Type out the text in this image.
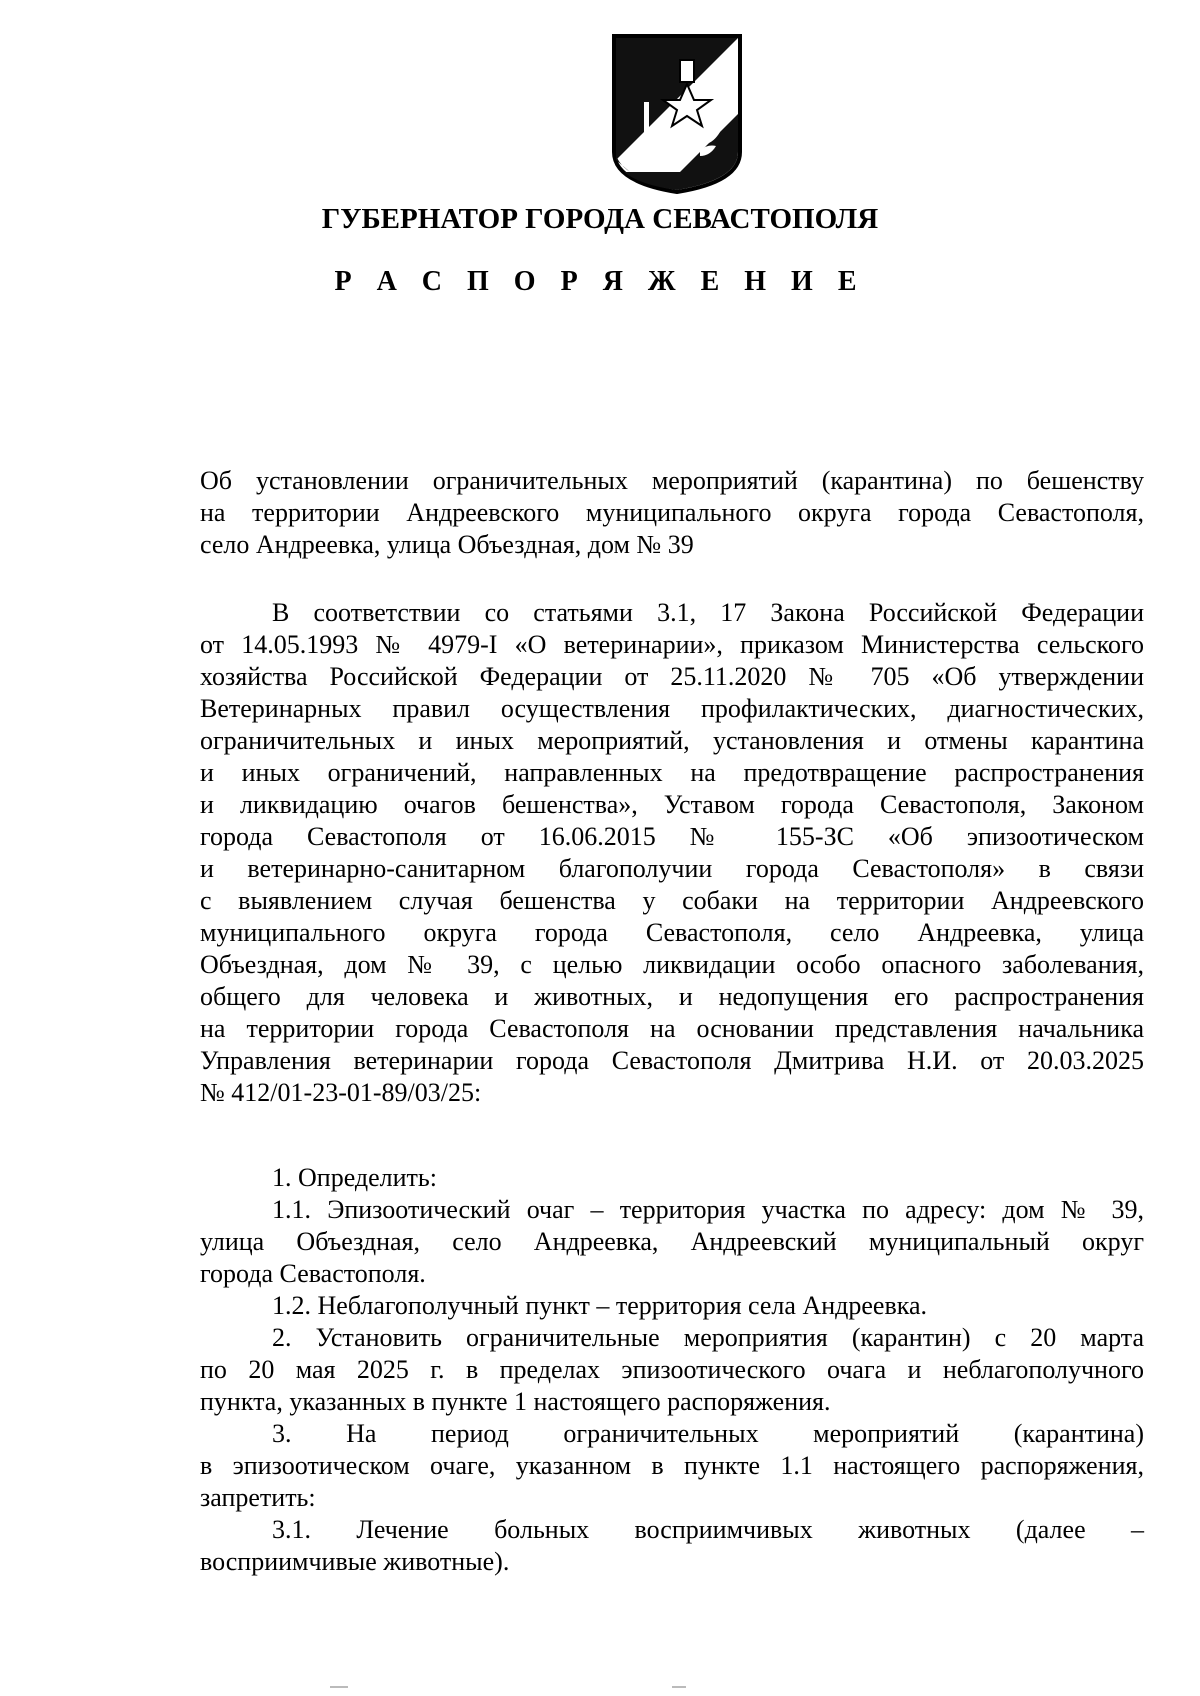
ГУБЕРНАТОР ГОРОДА СЕВАСТОПОЛЯ
Р А С П О Р Я Ж Е Н И Е
Об установлении ограничительных мероприятий (карантина) по бешенству
на территории Андреевского муниципального округа города Севастополя,
село Андреевка, улица Объездная, дом № 39
В соответствии со статьями 3.1, 17 Закона Российской Федерации
от 14.05.1993 № 4979-I «О ветеринарии», приказом Министерства сельского
хозяйства Российской Федерации от 25.11.2020 № 705 «Об утверждении
Ветеринарных правил осуществления профилактических, диагностических,
ограничительных и иных мероприятий, установления и отмены карантина
и иных ограничений, направленных на предотвращение распространения
и ликвидацию очагов бешенства», Уставом города Севастополя, Законом
города Севастополя от 16.06.2015 № 155-ЗС «Об эпизоотическом
и ветеринарно-санитарном благополучии города Севастополя» в связи
с выявлением случая бешенства у собаки на территории Андреевского
муниципального округа города Севастополя, село Андреевка, улица
Объездная, дом № 39, с целью ликвидации особо опасного заболевания,
общего для человека и животных, и недопущения его распространения
на территории города Севастополя на основании представления начальника
Управления ветеринарии города Севастополя Дмитрива Н.И. от 20.03.2025
№ 412/01-23-01-89/03/25:
1. Определить:
1.1. Эпизоотический очаг – территория участка по адресу: дом № 39,
улица Объездная, село Андреевка, Андреевский муниципальный округ
города Севастополя.
1.2. Неблагополучный пункт – территория села Андреевка.
2. Установить ограничительные мероприятия (карантин) с 20 марта
по 20 мая 2025 г. в пределах эпизоотического очага и неблагополучного
пункта, указанных в пункте 1 настоящего распоряжения.
3. На период ограничительных мероприятий (карантина)
в эпизоотическом очаге, указанном в пункте 1.1 настоящего распоряжения,
запретить:
3.1. Лечение больных восприимчивых животных (далее –
восприимчивые животные).
